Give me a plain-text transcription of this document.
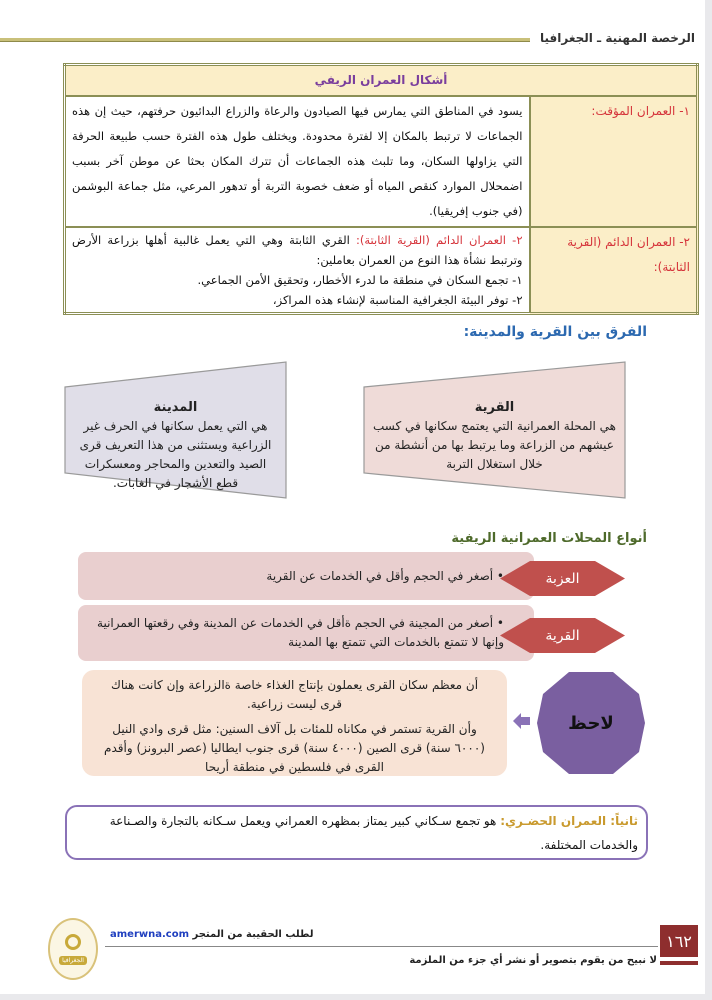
الرخصة المهنية ـ الجغرافيا
أشكال العمران الريفي	
١- العمران المؤقت:	يسود في المناطق التي يمارس فيها الصيادون والرعاة والزراع البدائيون حرفتهم، حيث إن هذه الجماعات لا ترتبط بالمكان إلا لفترة محدودة. ويختلف طول هذه الفترة حسب طبيعة الحرفة التي يزاولها السكان، وما تلبث هذه الجماعات أن تترك المكان بحثا عن موطن آخر بسبب اضمحلال الموارد كنقص المياه أو ضعف خصوبة التربة أو تدهور المرعي، مثل جماعة البوشمن (في جنوب إفريقيا).
٢- العمران الدائم (القرية الثابتة):	٢- العمران الدائم (القرية الثابتة): القري الثابتة وهي التي يعمل غالبية أهلها بزراعة الأرض وترتبط نشأة هذا النوع من العمران بعاملين:
١- تجمع السكان في منطقة ما لدرء الأخطار، وتحقيق الأمن الجماعي.
٢- توفر البيئة الجغرافية المناسبة لإنشاء هذه المراكز،
الفرق بين القرية والمدينة:
القرية
هي المحلة العمرانية التي يعتمج سكانها في كسب عيشهم من الزراعة وما يرتبط بها من أنشطة من خلال استغلال التربة
المدينة
هي التي يعمل سكانها في الحرف غير الزراعية ويستثنى من هذا التعريف قرى الصيد والتعدين والمحاجر ومعسكرات قطع الأشجار في الغابات.
أنواع المحلات العمرانية الريفية
• أصغر في الحجم وأقل في الخدمات عن القرية	العزبة
• أصغر من المجينة في الحجم ةأقل في الخدمات عن المدينة وفي رقعتها العمرانية وإنها لا تتمتع بالخدمات التي تتمتع بها المدينة	القرية
أن معظم سكان القرى يعملون بإنتاج الغذاء خاصة ةالزراعة وإن كانت هناك قرى ليست زراعية.
وأن القرية تستمر في مكاناه للمئات بل آلاف السنين: مثل قرى وادي النيل (٦٠٠٠ سنة) قرى الصين (٤٠٠٠ سنة) قرى جنوب ايطاليا (عصر البرونز) وأقدم القرى في فلسطين في منطقة أريحا
لاحظ
ثانياً: العمران الحضـري: هو تجمع سـكاني كبير يمتاز بمظهره العمراني ويعمل سـكانه بالتجارة والصـناعة والخدمات المختلفة.
الجغرافيا
لطلب الحقيبة من المتجر amerwna.com
لا نبيح من يقوم بتصوير أو نشر أي جزء من الملزمة
١٦٢
